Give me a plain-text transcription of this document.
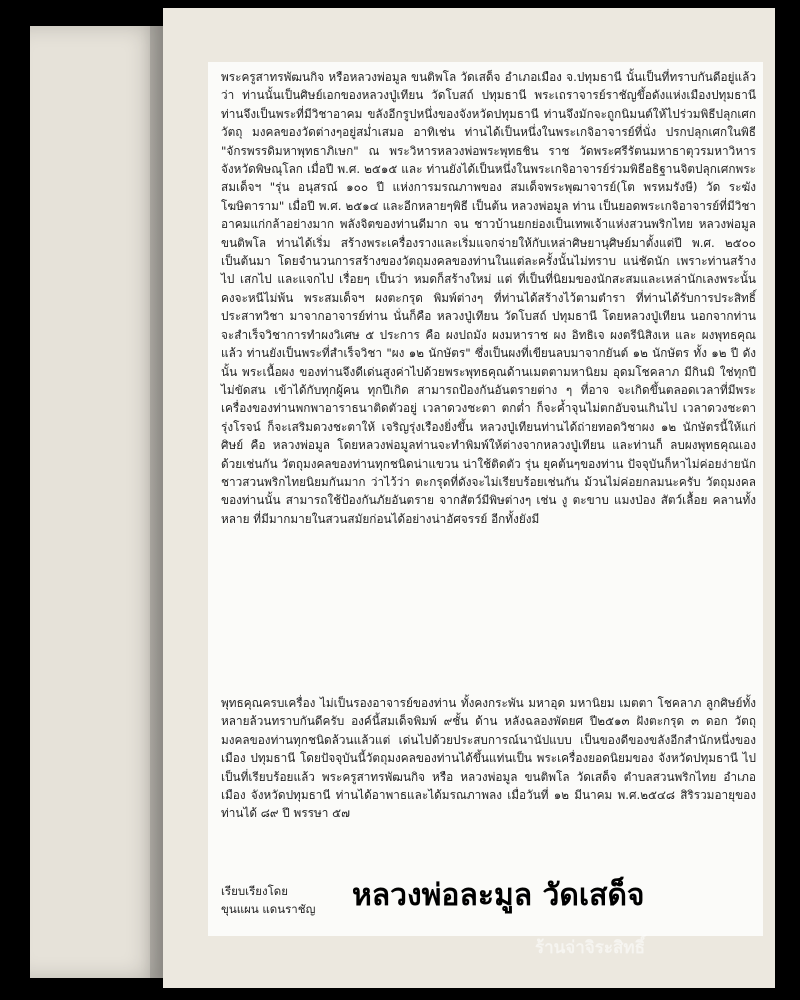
พระครูสาทรพัฒนกิจ หรือหลวงพ่อมูล ขนติพโล วัดเสด็จ อำเภอเมือง จ.ปทุมธานี นั้นเป็นที่ทราบกันดีอยู่แล้วว่า ท่านนั้นเป็นศิษย์เอกของหลวงปู่เทียน วัดโบสถ์ ปทุมธานี พระเถราจารย์ราชัญขึ้อดังแห่งเมืองปทุมธานี ท่านจึงเป็นพระที่มีวิชาอาคม ขลังอีกรูปหนึ่งของจังหวัดปทุมธานี ท่านจึงมักจะถูกนิมนต์ให้ไปร่วมพิธีปลุกเศกวัตถุ มงคลของวัดต่างๆอยู่สม่ำเสมอ อาทิเช่น ท่านได้เป็นหนึ่งในพระเกจิอาจารย์ที่นั่ง ปรกปลุกเศกในพิธี "จักรพรรดิมหาพุทธาภิเษก" ณ พระวิหารหลวงพ่อพระพุทธชิน ราช วัดพระศรีรัตนมหาธาตุวรมหาวิหาร จังหวัดพิษณุโลก เมื่อปี พ.ศ. ๒๕๑๕ และ ท่านยังได้เป็นหนึ่งในพระเกจิอาจารย์ร่วมพิธีอธิฐานจิตปลุกเศกพระสมเด็จฯ "รุ่น อนุสรณ์ ๑๐๐ ปี แห่งการมรณภาพของ สมเด็จพระพุฒาจารย์(โต พรหมรังษี) วัด ระฆังโฆษิตาราม" เมื่อปี พ.ศ. ๒๕๑๔ และอีกหลายๆพิธี เป็นต้น หลวงพ่อมูล ท่าน เป็นยอดพระเกจิอาจารย์ที่มีวิชาอาคมแก่กล้าอย่างมาก พลังจิตของท่านดีมาก จน ชาวบ้านยกย่องเป็นเทพเจ้าแห่งสวนพริกไทย หลวงพ่อมูล ขนติพโล ท่านได้เริ่ม สร้างพระเครื่องรางและเริ่มแจกจ่ายให้กับเหล่าศิษยานุศิษย์มาตั้งแต่ปี พ.ศ. ๒๕๐๐ เป็นต้นมา โดยจำนวนการสร้างของวัตถุมงคลของท่านในแต่ละครั้งนั้นไม่ทราบ แน่ชัดนัก เพราะท่านสร้างไป เสกไป และแจกไป เรื่อยๆ เป็นว่า หมดก็สร้างใหม่ แต่ ที่เป็นที่นิยมของนักสะสมและเหล่านักเลงพระนั้นคงจะหนีไม่พ้น พระสมเด็จฯ ผงตะกรุด พิมพ์ต่างๆ ที่ท่านได้สร้างไว้ตามตำรา ที่ท่านได้รับการประสิทธิ์ประสาทวิชา มาจากอาจารย์ท่าน นั่นก็คือ หลวงปู่เทียน วัดโบสถ์ ปทุมธานี โดยหลวงปู่เทียน นอกจากท่านจะสำเร็จวิชาการทำผงวิเศษ ๕ ประการ คือ ผงปถมัง ผงมหาราช ผง อิทธิเจ ผงตรีนิสิงเห และ ผงพุทธคุณ แล้ว ท่านยังเป็นพระที่สำเร็จวิชา "ผง ๑๒ นักษัตร" ซึ่งเป็นผงที่เขียนลบมาจากยันต์ ๑๒ นักษัตร ทั้ง ๑๒ ปี ดังนั้น พระเนื้อผง ของท่านจึงดีเด่นสูงค่าไปด้วยพระพุทธคุณด้านเมตตามหานิยม อุดมโชคลาภ มีกินมิ ใช่ทุกปี ไม่ขัดสน เข้าได้กับทุกผู้คน ทุกปีเกิด สามารถป้องกันอันตรายต่าง ๆ ที่อาจ จะเกิดขึ้นตลอดเวลาที่มีพระเครื่องของท่านพกพาอาราธนาติดตัวอยู่ เวลาดวงชะตา ตกต่ำ ก็จะค้ำจุนไม่ตกอับจนเกินไป เวลาดวงชะตารุ่งโรจน์ ก็จะเสริมดวงชะตาให้ เจริญรุ่งเรืองยิ่งขึ้น หลวงปู่เทียนท่านได้ถ่ายทอดวิชาผง ๑๒ นักษัตรนี้ให้แก่ศิษย์ คือ หลวงพ่อมูล โดยหลวงพ่อมูลท่านจะทำพิมพ์ให้ต่างจากหลวงปู่เทียน และท่านก็ ลบผงพุทธคุณเองด้วยเช่นกัน วัตถุมงคลของท่านทุกชนิดน่าแขวน น่าใช้ติดตัว รุ่น ยุคต้นๆของท่าน ปัจจุบันก็หาไม่ค่อยง่ายนัก ชาวสวนพริกไทยนิยมกันมาก ว่าไว้ว่า ตะกรุดที่ดังจะไม่เรียบร้อยเช่นกัน ม้วนไม่ค่อยกลมนะครับ วัตถุมงคลของท่านนั้น สามารถใช้ป้องกันภัยอันตราย จากสัตว์มีพิษต่างๆ เช่น งู ตะขาบ แมงป่อง สัตว์เลื้อย คลานทั้งหลาย ที่มีมากมายในสวนสมัยก่อนได้อย่างน่าอัศจรรย์ อีกทั้งยังมี

พุทธคุณครบเครื่อง ไม่เป็นรองอาจารย์ของท่าน ทั้งคงกระพัน มหาอุด มหานิยม เมตตา โชคลาภ ลูกศิษย์ทั้งหลายล้วนทราบกันดีครับ องค์นี้สมเด็จพิมพ์ ๙ชั้น ด้าน หลังฉลองพัดยศ ปี๒๕๑๓ ฝังตะกรุด ๓ ดอก วัตถุมงคลของท่านทุกชนิดล้วนแล้วแต่ เด่นไปด้วยประสบการณ์นานัปแบบ เป็นของดีของขลังอีกสำนักหนึ่งของเมือง ปทุมธานี โดยปัจจุบันนี้วัตถุมงคลของท่านได้ขึ้นแท่นเป็น พระเครื่องยอดนิยมของ จังหวัดปทุมธานี ไปเป็นที่เรียบร้อยแล้ว พระครูสาทรพัฒนกิจ หรือ หลวงพ่อมูล ขนติพโล วัดเสด็จ ตำบลสวนพริกไทย อำเภอเมือง จังหวัดปทุมธานี ท่านได้อาพาธและได้มรณภาพลง เมื่อวันที่ ๑๒ มีนาคม พ.ศ.๒๕๔๘ สิริรวมอายุของท่านได้ ๘๙ ปี พรรษา ๕๗

เรียบเรียงโดย
ขุนแผน แดนราชัญ	หลวงพ่อละมูล วัดเสด็จ
ร้านจ่าจิระสิทธิ์
